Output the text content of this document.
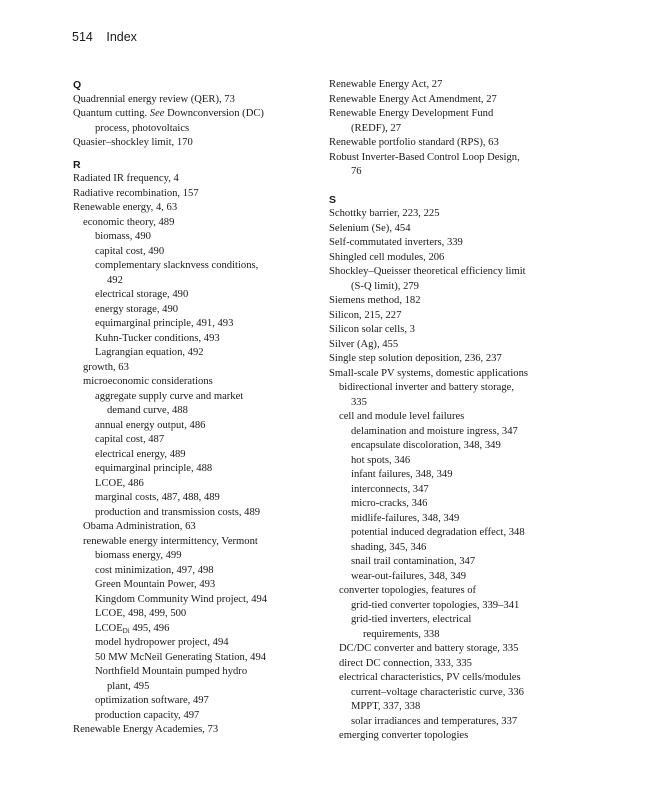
514 Index
Q
Quadrennial energy review (QER), 73
Quantum cutting. See Downconversion (DC)
process, photovoltaics
Quasier–shockley limit, 170
R
Radiated IR frequency, 4
Radiative recombination, 157
Renewable energy, 4, 63
economic theory, 489
biomass, 490
capital cost, 490
complementary slacknvess conditions,
492
electrical storage, 490
energy storage, 490
equimarginal principle, 491, 493
Kuhn-Tucker conditions, 493
Lagrangian equation, 492
growth, 63
microeconomic considerations
aggregate supply curve and market
demand curve, 488
annual energy output, 486
capital cost, 487
electrical energy, 489
equimarginal principle, 488
LCOE, 486
marginal costs, 487, 488, 489
production and transmission costs, 489
Obama Administration, 63
renewable energy intermittency, Vermont
biomass energy, 499
cost minimization, 497, 498
Green Mountain Power, 493
Kingdom Community Wind project, 494
LCOE, 498, 499, 500
$LCOE_{Di}$ 495, 496
model hydropower project, 494
50 MW McNeil Generating Station, 494
Northfield Mountain pumped hydro
plant, 495
optimization software, 497
production capacity, 497
Renewable Energy Academies, 73
Renewable Energy Act, 27
Renewable Energy Act Amendment, 27
Renewable Energy Development Fund
(REDF), 27
Renewable portfolio standard (RPS), 63
Robust Inverter-Based Control Loop Design,
76
S
Schottky barrier, 223, 225
Selenium (Se), 454
Self-commutated inverters, 339
Shingled cell modules, 206
Shockley–Queisser theoretical efficiency limit
(S-Q limit), 279
Siemens method, 182
Silicon, 215, 227
Silicon solar cells, 3
Silver (Ag), 455
Single step solution deposition, 236, 237
Small-scale PV systems, domestic applications
bidirectional inverter and battery storage,
335
cell and module level failures
delamination and moisture ingress, 347
encapsulate discoloration, 348, 349
hot spots, 346
infant failures, 348, 349
interconnects, 347
micro-cracks, 346
midlife-failures, 348, 349
potential induced degradation effect, 348
shading, 345, 346
snail trail contamination, 347
wear-out-failures, 348, 349
converter topologies, features of
grid-tied converter topologies, 339–341
grid-tied inverters, electrical
requirements, 338
DC/DC converter and battery storage, 335
direct DC connection, 333, 335
electrical characteristics, PV cells/modules
current–voltage characteristic curve, 336
MPPT, 337, 338
solar irradiances and temperatures, 337
emerging converter topologies
